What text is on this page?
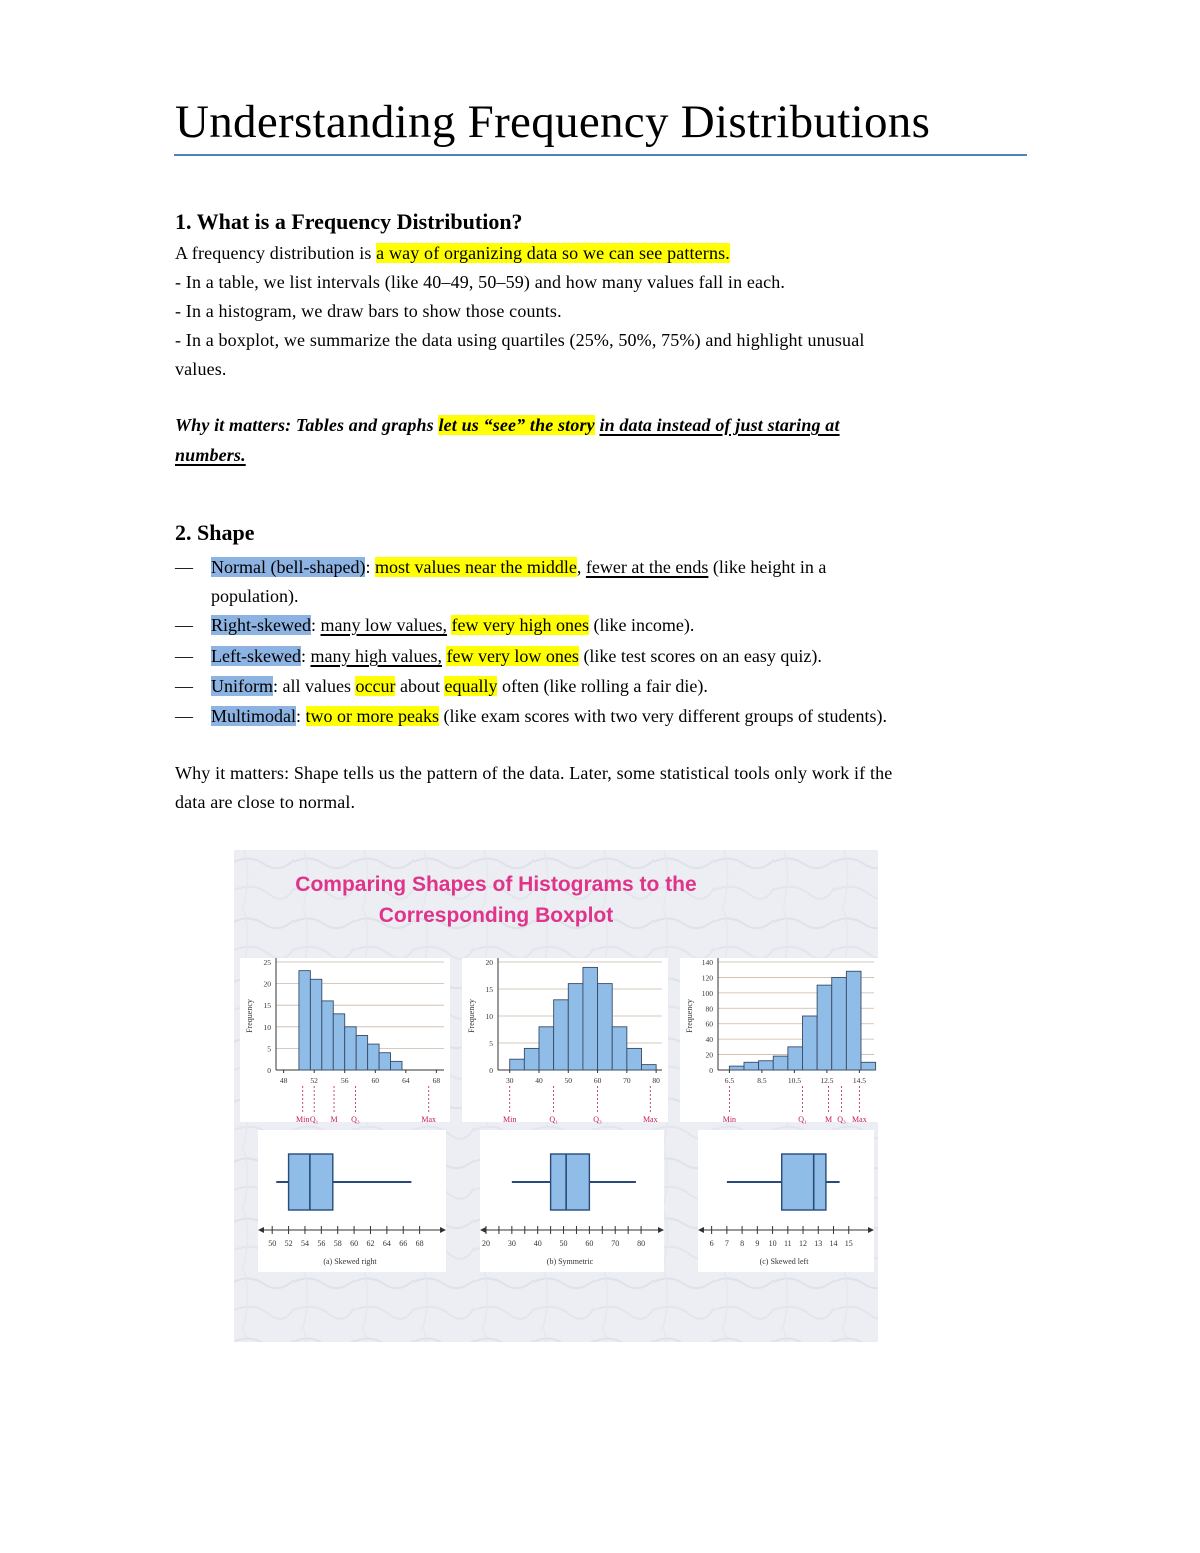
Understanding Frequency Distributions
1. What is a Frequency Distribution?

A frequency distribution is a way of organizing data so we can see patterns.

- In a table, we list intervals (like 40–49, 50–59) and how many values fall in each.

- In a histogram, we draw bars to show those counts.

- In a boxplot, we summarize the data using quartiles (25%, 50%, 75%) and highlight unusual

values.

Why it matters: Tables and graphs let us “see” the story in data instead of just staring at

numbers.

2. Shape
— Normal (bell-shaped): most values near the middle, fewer at the ends (like height in a
population).
— Right-skewed: many low values, few very high ones (like income).
— Left-skewed: many high values, few very low ones (like test scores on an easy quiz).
— Uniform: all values occur about equally often (like rolling a fair die).
— Multimodal: two or more peaks (like exam scores with two very different groups of students).

Why it matters: Shape tells us the pattern of the data. Later, some statistical tools only work if the

data are close to normal.

Comparing Shapes of Histograms to the
Corresponding Boxplot
0
5
10
15
20
25
Frequency
48	52	56	60	64	68
Min Q₁ M Q₃	Max
50 52 54 56 58 60 62 64 66 68
(a) Skewed right
0
5
10
15
20
Frequency
30	40	50	60	70	80
Min	Q₁	Q₃	Max
20 30 40 50 60 70 80
(b) Symmetric
0
20
40
60
80
100
120
140
Frequency
6.5	8.5	10.5	12.5	14.5
Min	Q₁ M Q₃ Max
6 7 8 9 10 11 12 13 14 15
(c) Skewed left
